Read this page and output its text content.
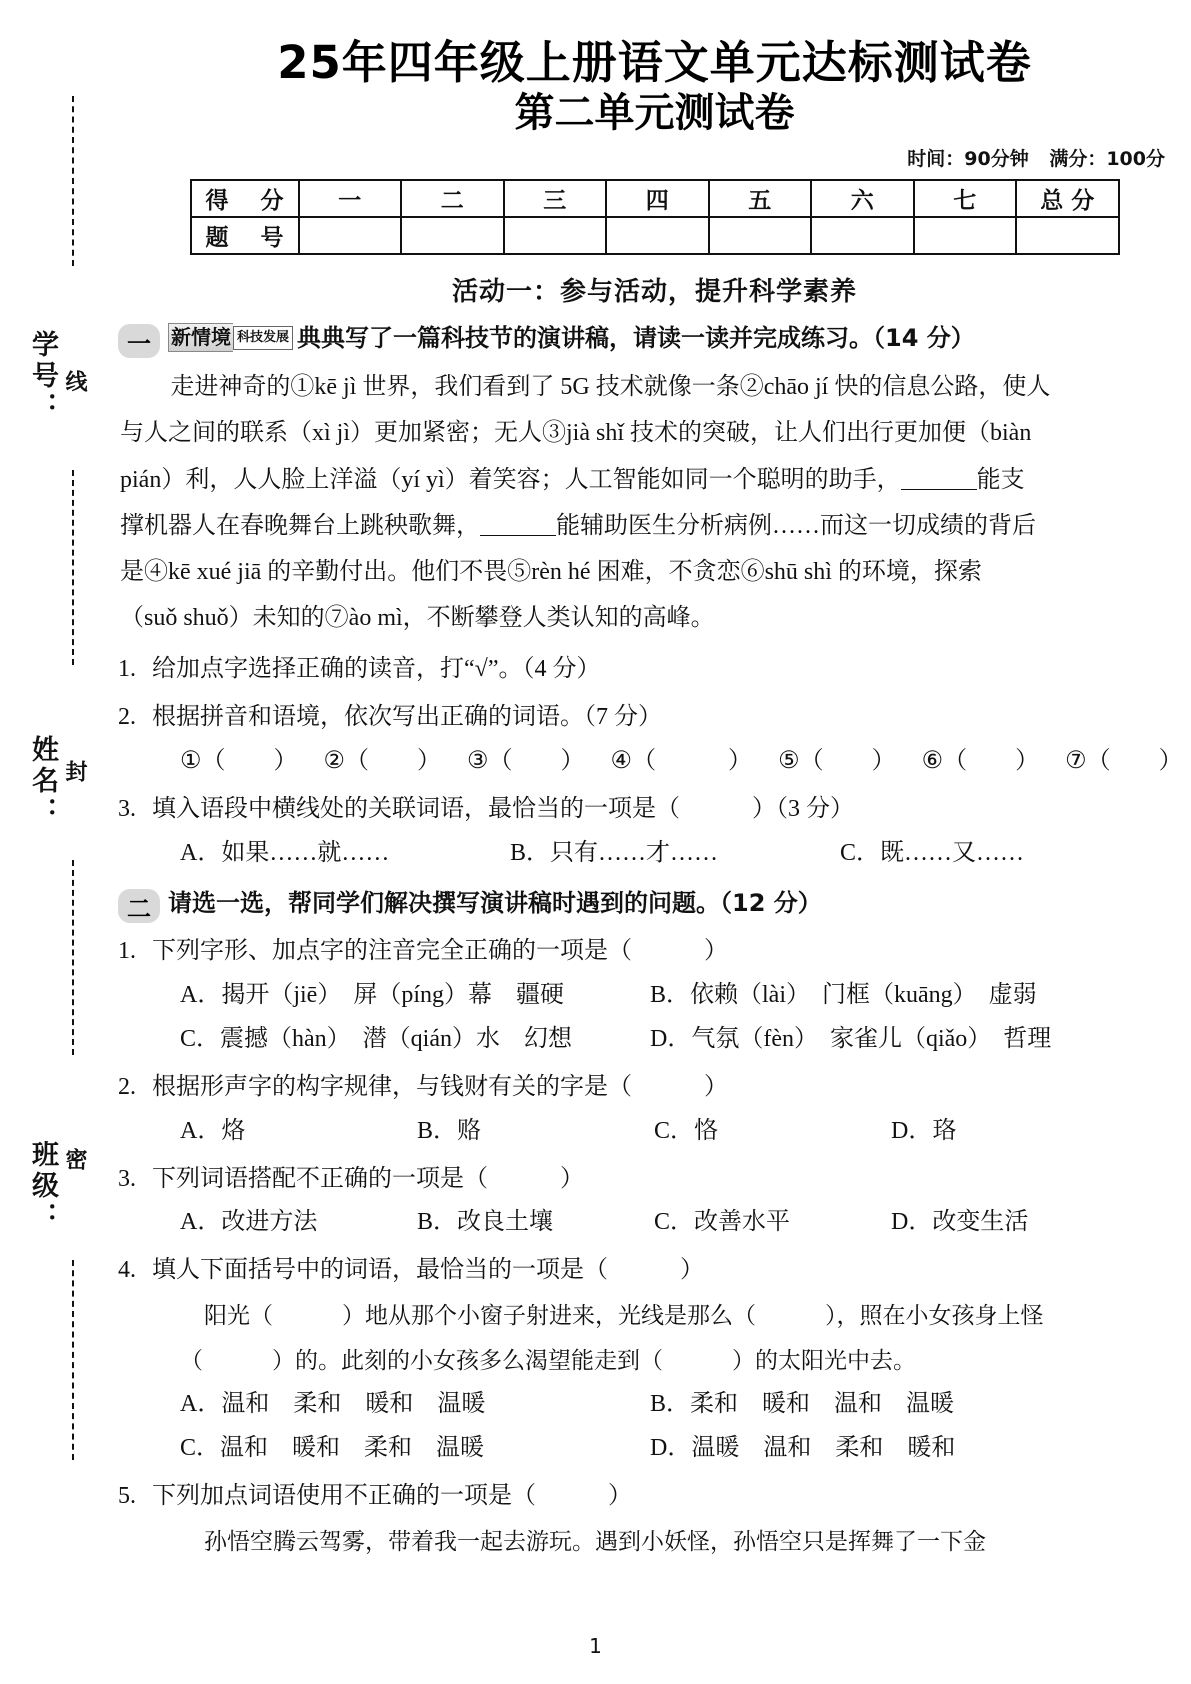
学号： 线
姓名： 封
班级： 密
25年四年级上册语文单元达标测试卷
第二单元测试卷
时间：90分钟 满分：100分
得 分	一	二	三	四	五	六	七	总 分
题 号								
活动一：参与活动，提升科学素养
一	新情境 科技发展 典典写了一篇科技节的演讲稿，请读一读并完成练习。（14 分）
走进神奇的①kē jì 世界，我们看到了 5G 技术就像一条②chāo jí 快的信息公路，使人
与人之间的联系（xì jì）更加紧密；无人③jià shǐ 技术的突破，让人们出行更加便（biàn
pián）利，人人脸上洋溢（yí yì）着笑容；人工智能如同一个聪明的助手，	能支
撑机器人在春晚舞台上跳秧歌舞，	能辅助医生分析病例……而这一切成绩的背后
是④kē xué jiā 的辛勤付出。他们不畏⑤rèn hé 困难，不贪恋⑥shū shì 的环境，探索
（suǒ shuǒ）未知的⑦ào mì，不断攀登人类认知的高峰。
1. 给加点字选择正确的读音，打“√”。（4 分）
2. 根据拼音和语境，依次写出正确的词语。（7 分）
①（　　） ②（　　） ③（　　） ④（　　　） ⑤（　　） ⑥（　　） ⑦（　　）
3. 填入语段中横线处的关联词语，最恰当的一项是（　　　）（3 分）
A．如果……就……	B．只有……才……	C．既……又……
二 请选一选，帮同学们解决撰写演讲稿时遇到的问题。（12 分）
1. 下列字形、加点字的注音完全正确的一项是（　　　）
A．揭开（jiē）　屏（píng）幕　疆硬	B．依赖（lài）　门框（kuāng）　虚弱
C．震撼（hàn）　潜（qián）水　幻想	D．气氛（fèn）　家雀儿（qiǎo）　哲理
2. 根据形声字的构字规律，与钱财有关的字是（　　　）
A．烙	B．赂	C．恪	D．珞
3. 下列词语搭配不正确的一项是（　　　）
A．改进方法	B．改良土壤	C．改善水平	D．改变生活
4. 填人下面括号中的词语，最恰当的一项是（　　　）
阳光（　　　）地从那个小窗子射进来，光线是那么（　　　），照在小女孩身上怪
（　　　）的。此刻的小女孩多么渴望能走到（　　　）的太阳光中去。
A．温和　柔和　暖和　温暖	B．柔和　暖和　温和　温暖
C．温和　暖和　柔和　温暖	D．温暖　温和　柔和　暖和
5. 下列加点词语使用不正确的一项是（　　　）
孙悟空腾云驾雾，带着我一起去游玩。遇到小妖怪，孙悟空只是挥舞了一下金
1
